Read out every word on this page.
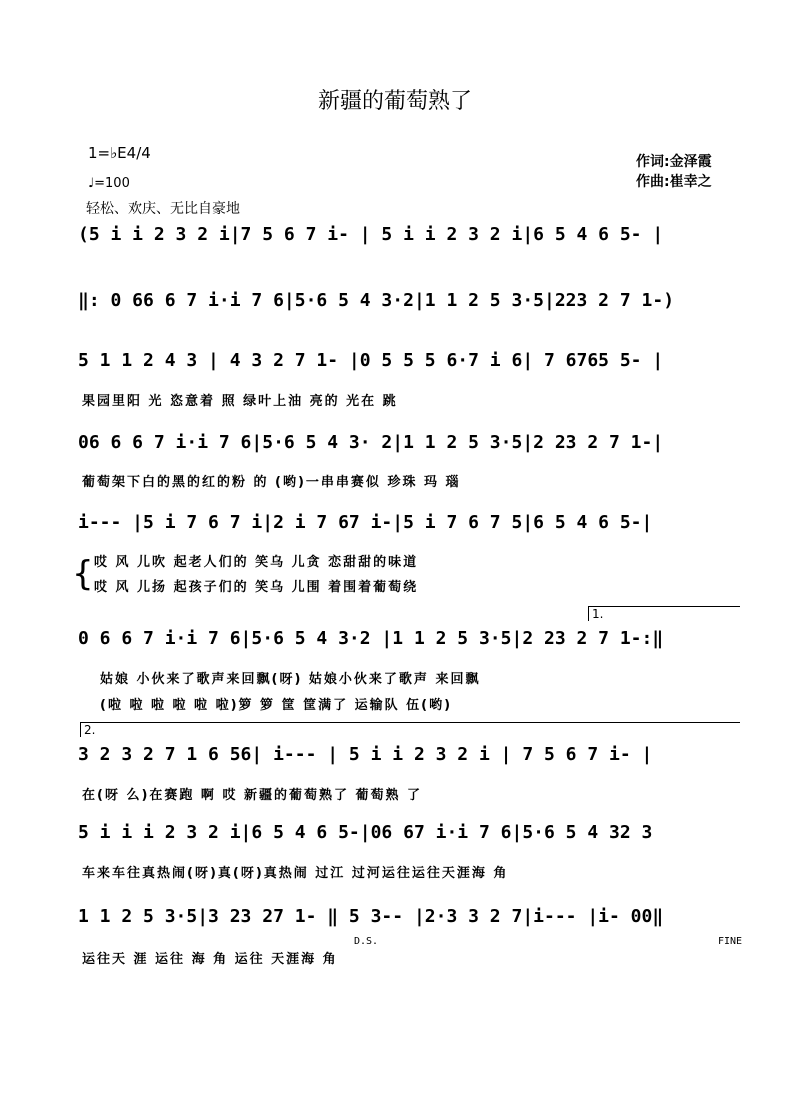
新疆的葡萄熟了
1=♭E4/4
♩=100
轻松、欢庆、无比自豪地
作词:金泽霞
作曲:崔幸之
(5 i i 2 3 2 i|7 5 6 7 i- | 5 i i 2 3 2 i|6 5 4 6 5- |
‖: 0 66 6 7 i·i 7 6|5·6 5 4 3·2|1 1 2 5 3·5|223 2 7 1-)
5 1 1 2 4 3 | 4 3 2 7 1- |0 5 5 5 6·7 i 6| 7 6765 5- |
果园里阳 光 恣意着 照 绿叶上油 亮的 光在 跳
06 6 6 7 i·i 7 6|5·6 5 4 3· 2|1 1 2 5 3·5|2 23 2 7 1-|
葡萄架下白的黑的红的粉 的 (哟)一串串赛似 珍珠 玛 瑙
i--- |5 i 7 6 7 i|2 i 7 67 i-|5 i 7 6 7 5|6 5 4 6 5-|
{ 哎 风 儿吹 起老人们的 笑乌 儿贪 恋甜甜的味道
哎 风 儿扬 起孩子们的 笑乌 儿围 着围着葡萄绕
1.
0 6 6 7 i·i 7 6|5·6 5 4 3·2 |1 1 2 5 3·5|2 23 2 7 1-:‖
姑娘 小伙来了歌声来回飘(呀) 姑娘小伙来了歌声 来回飘
(啦 啦 啦 啦 啦 啦)箩 箩 筐 筐满了 运输队 伍(哟)
2.
3 2 3 2 7 1 6 56| i--- | 5 i i 2 3 2 i | 7 5 6 7 i- |
在(呀 么)在赛跑 啊 哎 新疆的葡萄熟了 葡萄熟 了
5 i i i 2 3 2 i|6 5 4 6 5-|06 67 i·i 7 6|5·6 5 4 32 3
车来车往真热闹(呀)真(呀)真热闹 过江 过河运往运往天涯海 角
1 1 2 5 3·5|3 23 27 1- ‖ 5 3-- |2·3 3 2 7|i--- |i- 00‖
D.S.	FINE
运往天 涯 运往 海 角 运往 天涯海 角
